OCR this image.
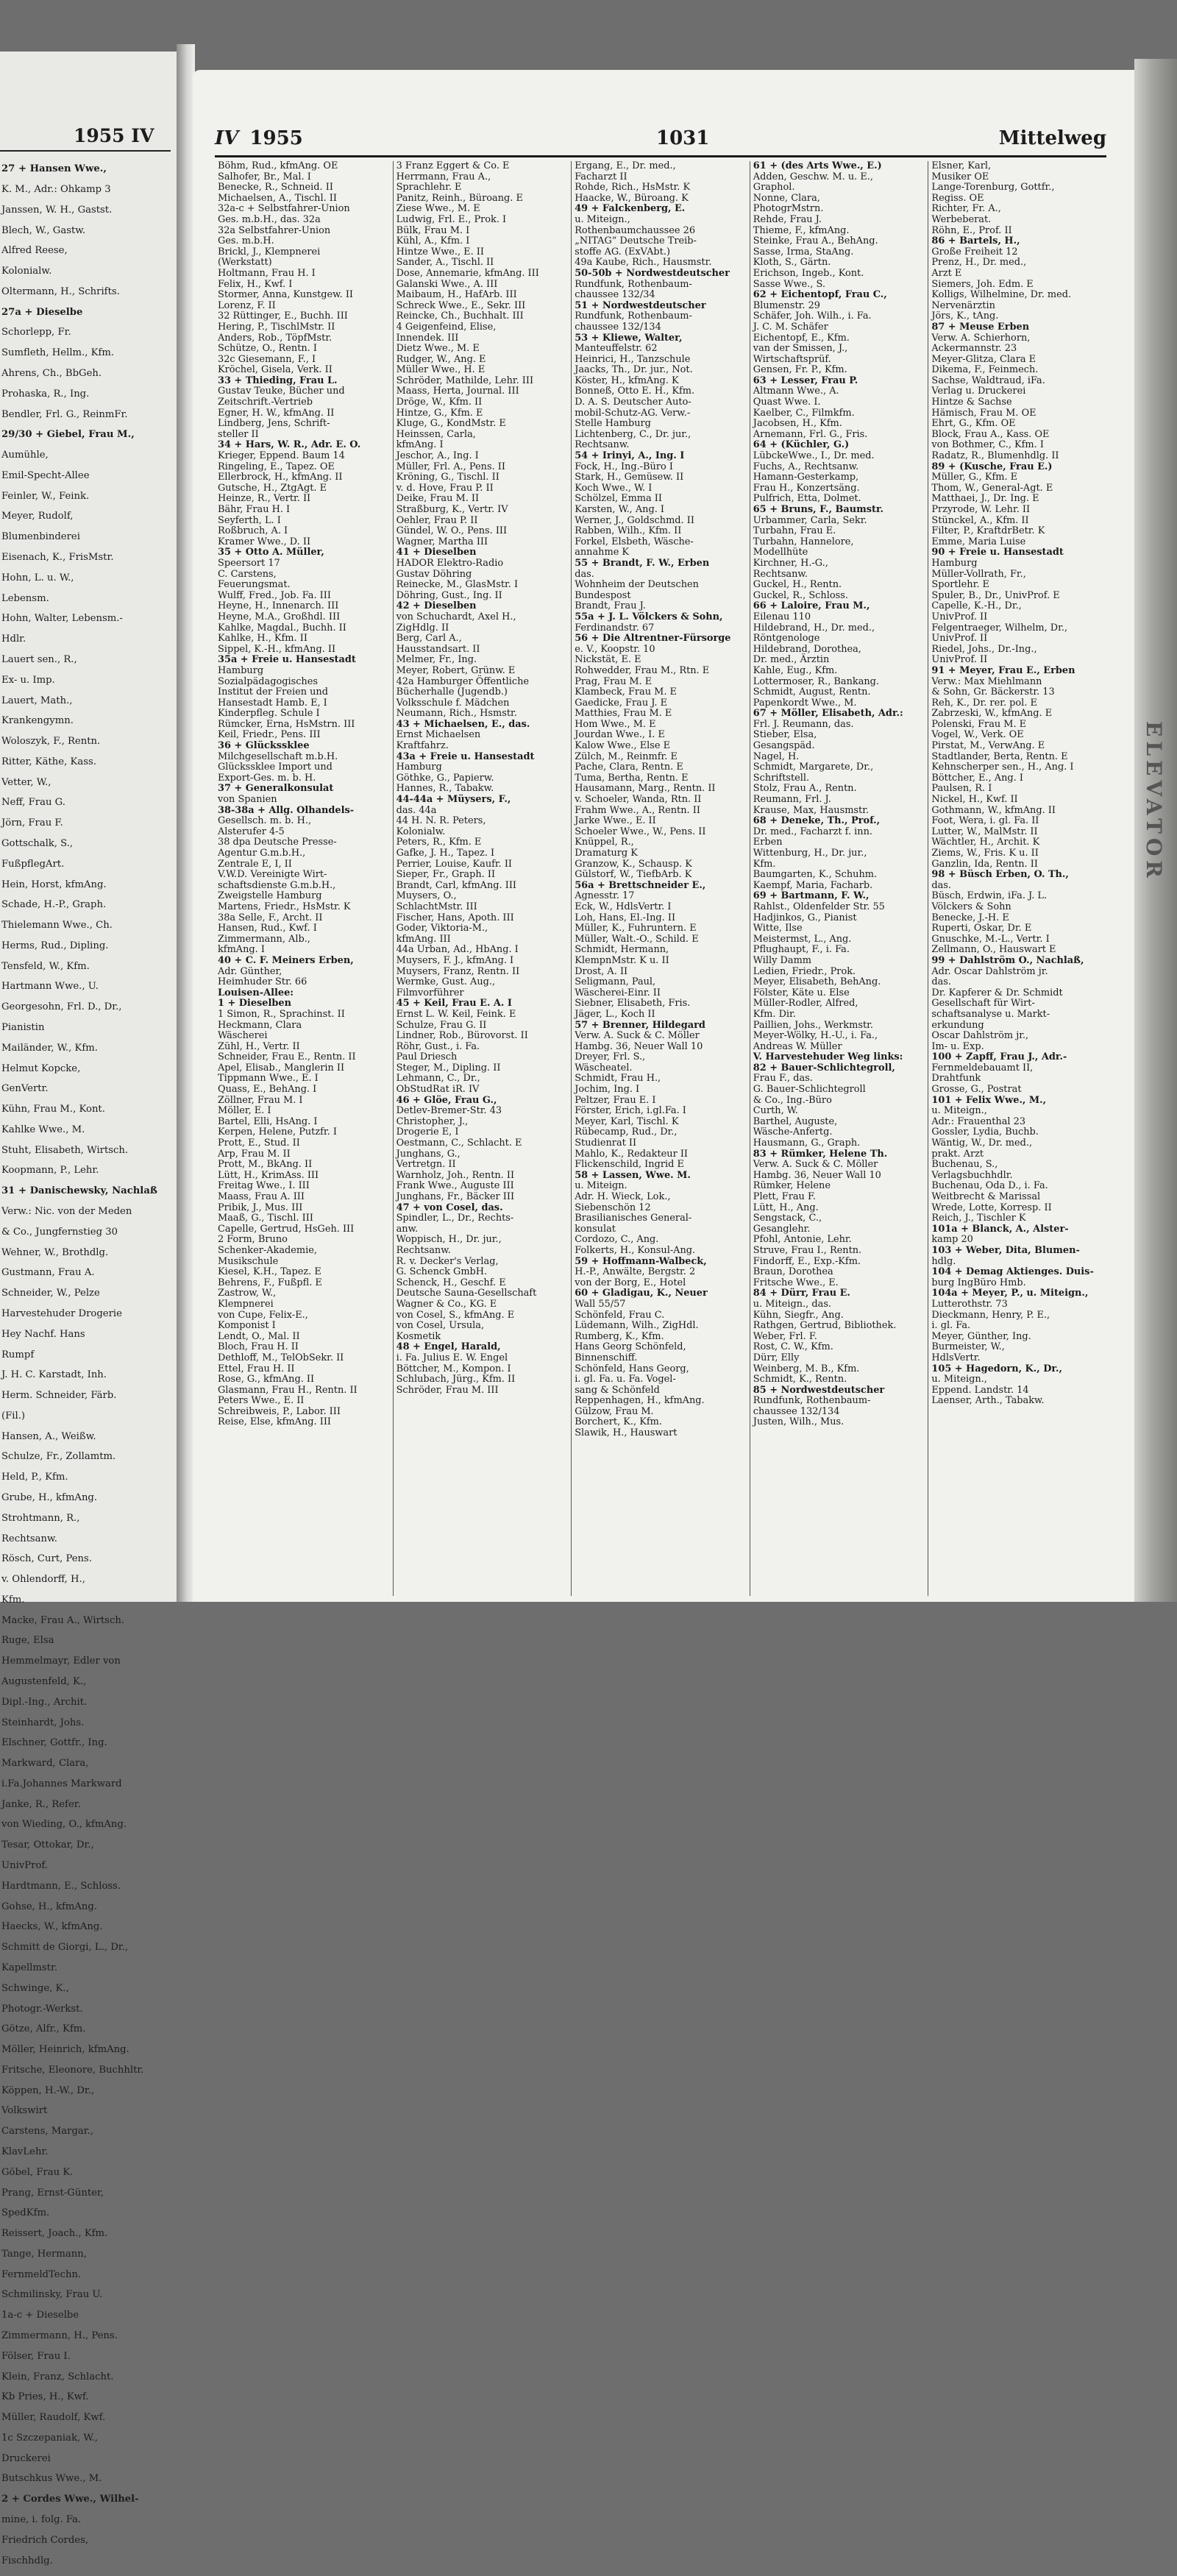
1955 IV

27 + Hansen Wwe.,

K. M., Adr.: Ohkamp 3

Janssen, W. H., Gastst.

Blech, W., Gastw.

Alfred Reese,

Kolonialw.

Oltermann, H., Schrifts.

27a + Dieselbe

Schorlepp, Fr.

Sumfleth, Hellm., Kfm.

Ahrens, Ch., BbGeh.

Prohaska, R., Ing.

Bendler, Frl. G., ReinmFr.

29/30 + Giebel, Frau M.,

Aumühle,

Emil-Specht-Allee

Feinler, W., Feink.

Meyer, Rudolf,

Blumenbinderei

Eisenach, K., FrisMstr.

Hohn, L. u. W.,

Lebensm.

Hohn, Walter, Lebensm.-

Hdlr.

Lauert sen., R.,

Ex- u. Imp.

Lauert, Math.,

Krankengymn.

Woloszyk, F., Rentn.

Ritter, Käthe, Kass.

Vetter, W.,

Neff, Frau G.

Jörn, Frau F.

Gottschalk, S.,

FußpflegArt.

Hein, Horst, kfmAng.

Schade, H.-P., Graph.

Thielemann Wwe., Ch.

Herms, Rud., Dipling.

Tensfeld, W., Kfm.

Hartmann Wwe., U.

Georgesohn, Frl. D., Dr.,

Pianistin

Mailänder, W., Kfm.

Helmut Kopcke,

GenVertr.

Kühn, Frau M., Kont.

Kahlke Wwe., M.

Stuht, Elisabeth, Wirtsch.

Koopmann, P., Lehr.

31 + Danischewsky, Nachlaß

Verw.: Nic. von der Meden

& Co., Jungfernstieg 30

Wehner, W., Brothdlg.

Gustmann, Frau A.

Schneider, W., Pelze

Harvestehuder Drogerie

Hey Nachf. Hans

Rumpf

J. H. C. Karstadt, Inh.

Herm. Schneider, Färb.

(Fil.)

Hansen, A., Weißw.

Schulze, Fr., Zollamtm.

Held, P., Kfm.

Grube, H., kfmAng.

Strohtmann, R.,

Rechtsanw.

Rösch, Curt, Pens.

v. Ohlendorff, H.,

Kfm.

Macke, Frau A., Wirtsch.

Ruge, Elsa

Hemmelmayr, Edler von

Augustenfeld, K.,

Dipl.-Ing., Archit.

Steinhardt, Johs.

Elschner, Gottfr., Ing.

Markward, Clara,

i.Fa.Johannes Markward

Janke, R., Refer.

von Wieding, O., kfmAng.

Tesar, Ottokar, Dr.,

UnivProf.

Hardtmann, E., Schloss.

Gohse, H., kfmAng.

Haecks, W., kfmAng.

Schmitt de Giorgi, L., Dr.,

Kapellmstr.

Schwinge, K.,

Photogr.-Werkst.

Götze, Alfr., Kfm.

Möller, Heinrich, kfmAng.

Fritsche, Eleonore, Buchhltr.

Köppen, H.-W., Dr.,

Volkswirt

Carstens, Margar.,

KlavLehr.

Göbel, Frau K.

Prang, Ernst-Günter,

SpedKfm.

Reissert, Joach., Kfm.

Tange, Hermann,

FernmeldTechn.

Schmilinsky, Frau U.

1a-c + Dieselbe

Zimmermann, H., Pens.

Fölser, Frau I.

Klein, Franz, Schlacht.

Kb Pries, H., Kwf.

Müller, Raudolf, Kwf.

1c Szczepaniak, W.,

Druckerei

Butschkus Wwe., M.

2 + Cordes Wwe., Wilhel-

mine, i. folg. Fa.

Friedrich Cordes,

Fischhdlg.

IV 1955	1031	Mittelweg

Böhm, Rud., kfmAng. OE

Salhofer, Br., Mal. I

Benecke, R., Schneid. II

Michaelsen, A., Tischl. II

32a-c + Selbstfahrer-Union

Ges. m.b.H., das. 32a

32a Selbstfahrer-Union

Ges. m.b.H.

Brickl, J., Klempnerei

(Werkstatt)

Holtmann, Frau H. I

Felix, H., Kwf. I

Stormer, Anna, Kunstgew. II

Lorenz, F. II

32 Rüttinger, E., Buchh. III

Hering, P., TischlMstr. II

Anders, Rob., TöpfMstr.

Schütze, O., Rentn. I

32c Giesemann, F., I

Kröchel, Gisela, Verk. II

33 + Thieding, Frau L.

Gustav Teuke, Bücher und

Zeitschrift.-Vertrieb

Egner, H. W., kfmAng. II

Lindberg, Jens, Schrift-

steller II

34 + Hars, W. R., Adr. E. O.

Krieger, Eppend. Baum 14

Ringeling, E., Tapez. OE

Ellerbrock, H., kfmAng. II

Gutsche, H., ZtgAgt. E

Heinze, R., Vertr. II

Bähr, Frau H. I

Seyferth, L. I

Roßbruch, A. I

Kramer Wwe., D. II

35 + Otto A. Müller,

Speersort 17

C. Carstens,

Feuerungsmat.

Wulff, Fred., Job. Fa. III

Heyne, H., Innenarch. III

Heyne, M.A., Großhdl. III

Kahlke, Magdal., Buchh. II

Kahlke, H., Kfm. II

Sippel, K.-H., kfmAng. II

35a + Freie u. Hansestadt

Hamburg

Sozialpädagogisches

Institut der Freien und

Hansestadt Hamb. E, I

Kinderpfleg. Schule I

Rümcker, Erna, HsMstrn. III

Keil, Friedr., Pens. III

36 + Glückssklee

Milchgesellschaft m.b.H.

Glückssklee Import und

Export-Ges. m. b. H.

37 + Generalkonsulat

von Spanien

38-38a + Allg. Olhandels-

Gesellsch. m. b. H.,

Alsterufer 4-5

38 dpa Deutsche Presse-

Agentur G.m.b.H.,

Zentrale E, I, II

V.W.D. Vereinigte Wirt-

schaftsdienste G.m.b.H.,

Zweigstelle Hamburg

Martens, Friedr., HsMstr. K

38a Selle, F., Archt. II

Hansen, Rud., Kwf. I

Zimmermann, Alb.,

kfmAng. I

40 + C. F. Meiners Erben,

Adr. Günther,

Heimhuder Str. 66

Louisen-Allee:

1 + Dieselben

1 Simon, R., Sprachinst. II

Heckmann, Clara

Wäscherei

Zühl, H., Vertr. II

Schneider, Frau E., Rentn. II

Apel, Elisab., Manglerin II

Tippmann Wwe., E. I

Quass, E., BehAng. I

Zöllner, Frau M. I

Möller, E. I

Bartel, Elli, HsAng. I

Kerpen, Helene, Putzfr. I

Prott, E., Stud. II

Arp, Frau M. II

Prott, M., BkAng. II

Lütt, H., KrimAss. III

Freitag Wwe., I. III

Maass, Frau A. III

Pribik, J., Mus. III

Maaß, G., Tischl. III

Capelle, Gertrud, HsGeh. III

2 Form, Bruno

Schenker-Akademie,

Musikschule

Kiesel, K.H., Tapez. E

Behrens, F., Fußpfl. E

Zastrow, W.,

Klempnerei

von Cupe, Felix-E.,

Komponist I

Lendt, O., Mal. II

Bloch, Frau H. II

Dethloff, M., TelObSekr. II

Ettel, Frau H. II

Rose, G., kfmAng. II

Glasmann, Frau H., Rentn. II

Peters Wwe., E. II

Schreibweis, P., Labor. III

Reise, Else, kfmAng. III

3 Franz Eggert & Co. E

Herrmann, Frau A.,

Sprachlehr. E

Panitz, Reinh., Büroang. E

Ziese Wwe., M. E

Ludwig, Frl. E., Prok. I

Bülk, Frau M. I

Kühl, A., Kfm. I

Hintze Wwe., E. II

Sander, A., Tischl. II

Dose, Annemarie, kfmAng. III

Galanski Wwe., A. III

Maibaum, H., HafArb. III

Schreck Wwe., E., Sekr. III

Reincke, Ch., Buchhalt. III

4 Geigenfeind, Elise,

Innendek. III

Dietz Wwe., M. E

Rudger, W., Ang. E

Müller Wwe., H. E

Schröder, Mathilde, Lehr. III

Maass, Herta, Journal. III

Dröge, W., Kfm. II

Hintze, G., Kfm. E

Kluge, G., KondMstr. E

Heinssen, Carla,

kfmAng. I

Jeschor, A., Ing. I

Müller, Frl. A., Pens. II

Kröning, G., Tischl. II

v. d. Hove, Frau P. II

Deike, Frau M. II

Straßburg, K., Vertr. IV

Oehler, Frau P. II

Gündel, W. O., Pens. III

Wagner, Martha III

41 + Dieselben

HADOR Elektro-Radio

Gustav Döhring

Reinecke, M., GlasMstr. I

Döhring, Gust., Ing. II

42 + Dieselben

von Schuchardt, Axel H.,

ZigHdlg. II

Berg, Carl A.,

Hausstandsart. II

Melmer, Fr., Ing.

Meyer, Robert, Grünw. E

42a Hamburger Öffentliche

Bücherhalle (Jugendb.)

Volksschule f. Mädchen

Neumann, Rich., Hsmstr.

43 + Michaelsen, E., das.

Ernst Michaelsen

Kraftfahrz.

43a + Freie u. Hansestadt

Hamburg

Göthke, G., Papierw.

Hannes, R., Tabakw.

44-44a + Müysers, F.,

das. 44a

44 H. N. R. Peters,

Kolonialw.

Peters, R., Kfm. E

Gafke, J. H., Tapez. I

Perrier, Louise, Kaufr. II

Sieper, Fr., Graph. II

Brandt, Carl, kfmAng. III

Muysers, O.,

SchlachtMstr. III

Fischer, Hans, Apoth. III

Goder, Viktoria-M.,

kfmAng. III

44a Urban, Ad., HbAng. I

Muysers, F. J., kfmAng. I

Muysers, Franz, Rentn. II

Wermke, Gust. Aug.,

Filmvorführer

45 + Keil, Frau E. A. I

Ernst L. W. Keil, Feink. E

Schulze, Frau G. II

Lindner, Rob., Bürovorst. II

Röhr, Gust., i. Fa.

Paul Driesch

Steger, M., Dipling. II

Lehmann, C., Dr.,

ObStudRat iR. IV

46 + Glöe, Frau G.,

Detlev-Bremer-Str. 43

Christopher, J.,

Drogerie E, I

Oestmann, C., Schlacht. E

Junghans, G.,

Vertretgn. II

Warnholz, Joh., Rentn. II

Frank Wwe., Auguste III

Junghans, Fr., Bäcker III

47 + von Cosel, das.

Spindler, L., Dr., Rechts-

anw.

Woppisch, H., Dr. jur.,

Rechtsanw.

R. v. Decker's Verlag,

G. Schenck GmbH.

Schenck, H., Geschf. E

Deutsche Sauna-Gesellschaft

Wagner & Co., KG. E

von Cosel, S., kfmAng. E

von Cosel, Ursula,

Kosmetik

48 + Engel, Harald,

i. Fa. Julius E. W. Engel

Böttcher, M., Kompon. I

Schlubach, Jürg., Kfm. II

Schröder, Frau M. III

Ergang, E., Dr. med.,

Facharzt II

Rohde, Rich., HsMstr. K

Haacke, W., Büroang. K

49 + Falckenberg, E.

u. Miteign.,

Rothenbaumchaussee 26

„NITAG“ Deutsche Treib-

stoffe AG. (ExVAbt.)

49a Kaube, Rich., Hausmstr.

50-50b + Nordwestdeutscher

Rundfunk, Rothenbaum-

chaussee 132/34

51 + Nordwestdeutscher

Rundfunk, Rothenbaum-

chaussee 132/134

53 + Kliewe, Walter,

Manteuffelstr. 62

Heinrici, H., Tanzschule

Jaacks, Th., Dr. jur., Not.

Köster, H., kfmAng. K

Bonneß, Otto E. H., Kfm.

D. A. S. Deutscher Auto-

mobil-Schutz-AG. Verw.-

Stelle Hamburg

Lichtenberg, C., Dr. jur.,

Rechtsanw.

54 + Irinyi, A., Ing. I

Fock, H., Ing.-Büro I

Stark, H., Gemüsew. II

Koch Wwe., W. I

Schölzel, Emma II

Karsten, W., Ang. I

Werner, J., Goldschmd. II

Rabben, Wilh., Kfm. II

Forkel, Elsbeth, Wäsche-

annahme K

55 + Brandt, F. W., Erben

das.

Wohnheim der Deutschen

Bundespost

Brandt, Frau J.

55a + J. L. Völckers & Sohn,

Ferdinandstr. 67

56 + Die Altrentner-Fürsorge

e. V., Koopstr. 10

Nickstät, E. E

Rohwedder, Frau M., Rtn. E

Prag, Frau M. E

Klambeck, Frau M. E

Gaedicke, Frau J. E

Matthies, Frau M. E

Hom Wwe., M. E

Jourdan Wwe., I. E

Kalow Wwe., Else E

Zülch, M., Reinmfr. E

Pache, Clara, Rentn. E

Tuma, Bertha, Rentn. E

Hausamann, Marg., Rentn. II

v. Schoeler, Wanda, Rtn. II

Frahm Wwe., A., Rentn. II

Jarke Wwe., E. II

Schoeler Wwe., W., Pens. II

Knüppel, R.,

Dramaturg K

Granzow, K., Schausp. K

Gülstorf, W., TiefbArb. K

56a + Brettschneider E.,

Agnesstr. 17

Eck, W., HdlsVertr. I

Loh, Hans, El.-Ing. II

Müller, K., Fuhruntern. E

Müller, Walt.-O., Schild. E

Schmidt, Hermann,

KlempnMstr. K u. II

Drost, A. II

Seligmann, Paul,

Wäscherei-Einr. II

Siebner, Elisabeth, Fris.

Jäger, L., Koch II

57 + Brenner, Hildegard

Verw. A. Suck & C. Möller

Hambg. 36, Neuer Wall 10

Dreyer, Frl. S.,

Wäscheatel.

Schmidt, Frau H.,

Jochim, Ing. I

Peltzer, Frau E. I

Förster, Erich, i.gl.Fa. I

Meyer, Karl, Tischl. K

Rübecamp, Rud., Dr.,

Studienrat II

Mahlo, K., Redakteur II

Flickenschild, Ingrid E

58 + Lassen, Wwe. M.

u. Miteign.

Adr. H. Wieck, Lok.,

Siebenschön 12

Brasilianisches General-

konsulat

Cordozo, C., Ang.

Folkerts, H., Konsul-Ang.

59 + Hoffmann-Walbeck,

H.-P., Anwälte, Bergstr. 2

von der Borg, E., Hotel

60 + Gladigau, K., Neuer

Wall 55/57

Schönfeld, Frau C.

Lüdemann, Wilh., ZigHdl.

Rumberg, K., Kfm.

Hans Georg Schönfeld,

Binnenschiff.

Schönfeld, Hans Georg,

i. gl. Fa. u. Fa. Vogel-

sang & Schönfeld

Reppenhagen, H., kfmAng.

Gülzow, Frau M.

Borchert, K., Kfm.

Slawik, H., Hauswart

61 + (des Arts Wwe., E.)

Adden, Geschw. M. u. E.,

Graphol.

Nonne, Clara,

PhotogrMstrn.

Rehde, Frau J.

Thieme, F., kfmAng.

Steinke, Frau A., BehAng.

Sasse, Irma, StaAng.

Kloth, S., Gärtn.

Erichson, Ingeb., Kont.

Sasse Wwe., S.

62 + Eichentopf, Frau C.,

Blumenstr. 29

Schäfer, Joh. Wilh., i. Fa.

J. C. M. Schäfer

Eichentopf, E., Kfm.

van der Smissen, J.,

Wirtschaftsprüf.

Gensen, Fr. P., Kfm.

63 + Lesser, Frau P.

Altmann Wwe., A.

Quast Wwe. I.

Kaelber, C., Filmkfm.

Jacobsen, H., Kfm.

Arnemann, Frl. G., Fris.

64 + (Küchler, G.)

LübckeWwe., I., Dr. med.

Fuchs, A., Rechtsanw.

Hamann-Gesterkamp,

Frau H., Konzertsäng.

Pulfrich, Etta, Dolmet.

65 + Bruns, F., Baumstr.

Urbammer, Carla, Sekr.

Turbahn, Frau E.

Turbahn, Hannelore,

Modellhüte

Kirchner, H.-G.,

Rechtsanw.

Guckel, H., Rentn.

Guckel, R., Schloss.

66 + Laloire, Frau M.,

Eilenau 110

Hildebrand, H., Dr. med.,

Röntgenologe

Hildebrand, Dorothea,

Dr. med., Ärztin

Kahle, Eug., Kfm.

Lottermoser, R., Bankang.

Schmidt, August, Rentn.

Papenkordt Wwe., M.

67 + Möller, Elisabeth, Adr.:

Frl. J. Reumann, das.

Stieber, Elsa,

Gesangspäd.

Nagel, H.

Schmidt, Margarete, Dr.,

Schriftstell.

Stolz, Frau A., Rentn.

Reumann, Frl. J.

Krause, Max, Hausmstr.

68 + Deneke, Th., Prof.,

Dr. med., Facharzt f. inn.

Erben

Wittenburg, H., Dr. jur.,

Kfm.

Baumgarten, K., Schuhm.

Kaempf, Maria, Facharb.

69 + Bartmann, F. W.,

Rahlst., Oldenfelder Str. 55

Hadjinkos, G., Pianist

Witte, Ilse

Meistermst, L., Ang.

Pflughaupt, F., i. Fa.

Willy Damm

Ledien, Friedr., Prok.

Meyer, Elisabeth, BehAng.

Fölster, Käte u. Else

Müller-Rodler, Alfred,

Kfm. Dir.

Paillien, Johs., Werkmstr.

Meyer-Wölky, H.-U., i. Fa.,

Andreas W. Müller

V. Harvestehuder Weg links:

82 + Bauer-Schlichtegroll,

Frau F., das.

G. Bauer-Schlichtegroll

& Co., Ing.-Büro

Curth, W.

Barthel, Auguste,

Wäsche-Anfertg.

Hausmann, G., Graph.

83 + Rümker, Helene Th.

Verw. A. Suck & C. Möller

Hambg. 36, Neuer Wall 10

Rümker, Helene

Plett, Frau F.

Lütt, H., Ang.

Sengstack, C.,

Gesanglehr.

Pfohl, Antonie, Lehr.

Struve, Frau I., Rentn.

Findorff, E., Exp.-Kfm.

Braun, Dorothea

Fritsche Wwe., E.

84 + Dürr, Frau E.

u. Miteign., das.

Kühn, Siegfr., Ang.

Rathgen, Gertrud, Bibliothek.

Weber, Frl. F.

Rost, C. W., Kfm.

Dürr, Elly

Weinberg, M. B., Kfm.

Schmidt, K., Rentn.

85 + Nordwestdeutscher

Rundfunk, Rothenbaum-

chaussee 132/134

Justen, Wilh., Mus.

Elsner, Karl,

Musiker OE

Lange-Torenburg, Gottfr.,

Regiss. OE

Richter, Fr. A.,

Werbeberat.

Röhn, E., Prof. II

86 + Bartels, H.,

Große Freiheit 12

Prenz, H., Dr. med.,

Arzt E

Siemers, Joh. Edm. E

Kolligs, Wilhelmine, Dr. med.

Nervenärztin

Jörs, K., tAng.

87 + Meuse Erben

Verw. A. Schierhorn,

Ackermannstr. 23

Meyer-Glitza, Clara E

Dikema, F., Feinmech.

Sachse, Waldtraud, iFa.

Verlag u. Druckerei

Hintze & Sachse

Hämisch, Frau M. OE

Ehrt, G., Kfm. OE

Block, Frau A., Kass. OE

von Bothmer, C., Kfm. I

Radatz, R., Blumenhdlg. II

89 + (Kusche, Frau E.)

Müller, G., Kfm. E

Thom, W., General-Agt. E

Matthaei, J., Dr. Ing. E

Przyrode, W. Lehr. II

Stünckel, A., Kfm. II

Filter, P., KraftdrBetr. K

Emme, Maria Luise

90 + Freie u. Hansestadt

Hamburg

Müller-Vollrath, Fr.,

Sportlehr. E

Spuler, B., Dr., UnivProf. E

Capelle, K.-H., Dr.,

UnivProf. II

Felgentraeger, Wilhelm, Dr.,

UnivProf. II

Riedel, Johs., Dr.-Ing.,

UnivProf. II

91 + Meyer, Frau E., Erben

Verw.: Max Miehlmann

& Sohn, Gr. Bäckerstr. 13

Reh, K., Dr. rer. pol. E

Zabrzeski, W., kfmAng. E

Polenski, Frau M. E

Vogel, W., Verk. OE

Pirstat, M., VerwAng. E

Stadtlander, Berta, Rentn. E

Kehnscherper sen., H., Ang. I

Böttcher, E., Ang. I

Paulsen, R. I

Nickel, H., Kwf. II

Gothmann, W., kfmAng. II

Foot, Wera, i. gl. Fa. II

Lutter, W., MalMstr. II

Wächtler, H., Archit. K

Ziems, W., Fris. K u. II

Ganzlin, Ida, Rentn. II

98 + Büsch Erben, O. Th.,

das.

Büsch, Erdwin, iFa. J. L.

Völckers & Sohn

Benecke, J.-H. E

Ruperti, Oskar, Dr. E

Gnuschke, M.-L., Vertr. I

Zellmann, O., Hauswart E

99 + Dahlström O., Nachlaß,

Adr. Oscar Dahlström jr.

das.

Dr. Kapferer & Dr. Schmidt

Gesellschaft für Wirt-

schaftsanalyse u. Markt-

erkundung

Oscar Dahlström jr.,

Im- u. Exp.

100 + Zapff, Frau J., Adr.-

Fernmeldebauamt II,

Drahtfunk

Grosse, G., Postrat

101 + Felix Wwe., M.,

u. Miteign.,

Adr.: Frauenthal 23

Gossler, Lydia, Buchb.

Wäntig, W., Dr. med.,

prakt. Arzt

Buchenau, S.,

Verlagsbuchhdlr.

Buchenau, Oda D., i. Fa.

Weitbrecht & Marissal

Wrede, Lotte, Korresp. II

Reich, J., Tischler K

101a + Blanck, A., Alster-

kamp 20

103 + Weber, Dita, Blumen-

hdlg.

104 + Demag Aktienges. Duis-

burg IngBüro Hmb.

104a + Meyer, P., u. Miteign.,

Lutterothstr. 73

Dieckmann, Henry, P. E.,

i. gl. Fa.

Meyer, Günther, Ing.

Burmeister, W.,

HdlsVertr.

105 + Hagedorn, K., Dr.,

u. Miteign.,

Eppend. Landstr. 14

Laenser, Arth., Tabakw.

ELEVATOR
